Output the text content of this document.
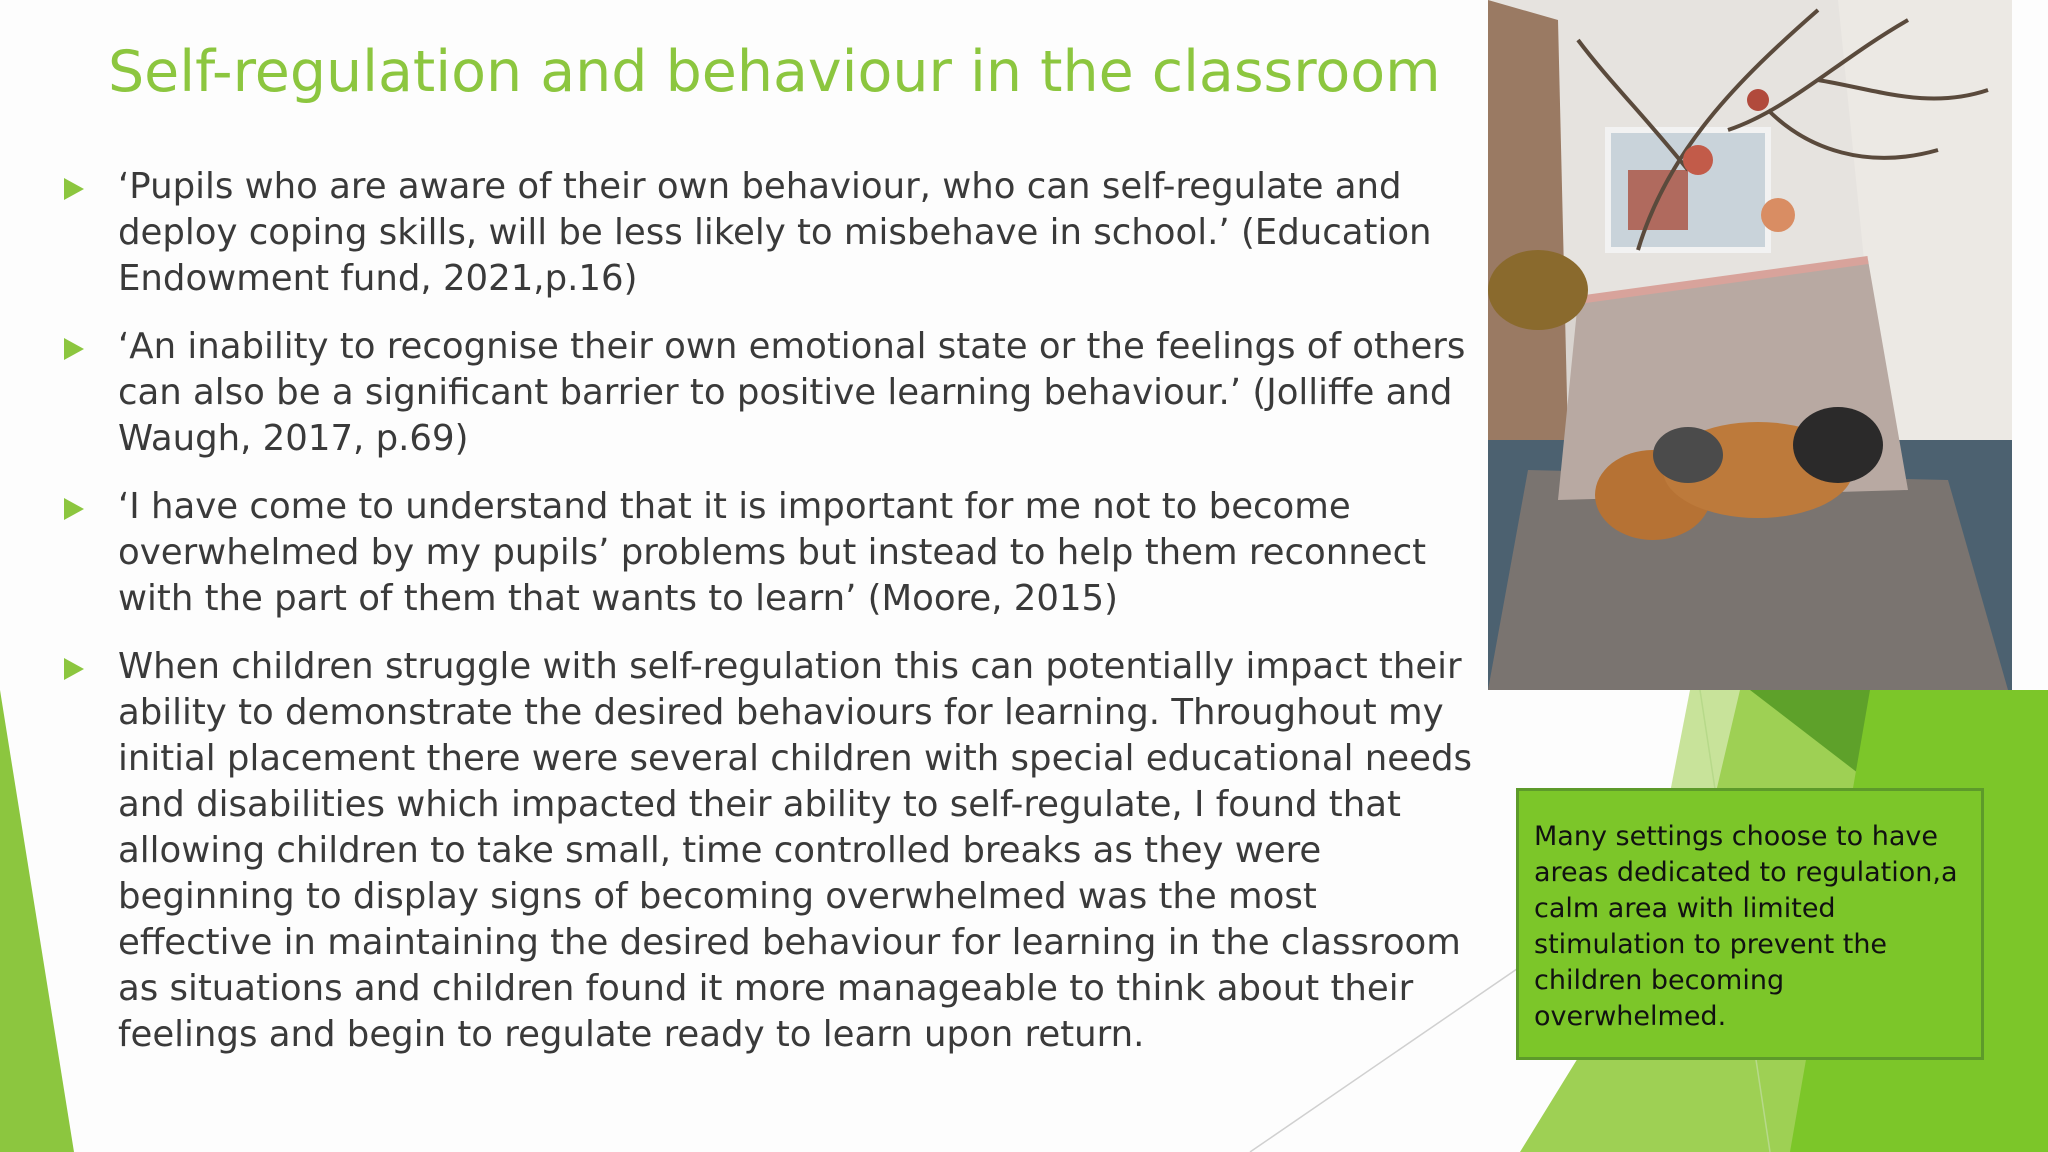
Self-regulation and behaviour in the classroom
‘Pupils who are aware of their own behaviour, who can self-regulate and deploy coping skills, will be less likely to misbehave in school.’ (Education Endowment fund, 2021,p.16)
‘An inability to recognise their own emotional state or the feelings of others can also be a significant barrier to positive learning behaviour.’ (Jolliffe and Waugh, 2017, p.69)
‘I have come to understand that it is important for me not to become overwhelmed by my pupils’ problems but instead to help them reconnect with the part of them that wants to learn’ (Moore, 2015)
When children struggle with self-regulation this can potentially impact their ability to demonstrate the desired behaviours for learning. Throughout my initial placement there were several children with special educational needs and disabilities which impacted their ability to self-regulate, I found that allowing children to take small, time controlled breaks as they were beginning to display signs of becoming overwhelmed was the most effective in maintaining the desired behaviour for learning in the classroom as situations and children found it more manageable to think about their feelings and begin to regulate ready to learn upon return.
Many settings choose to have areas dedicated to regulation,a calm area with limited stimulation to prevent the children becoming overwhelmed.
